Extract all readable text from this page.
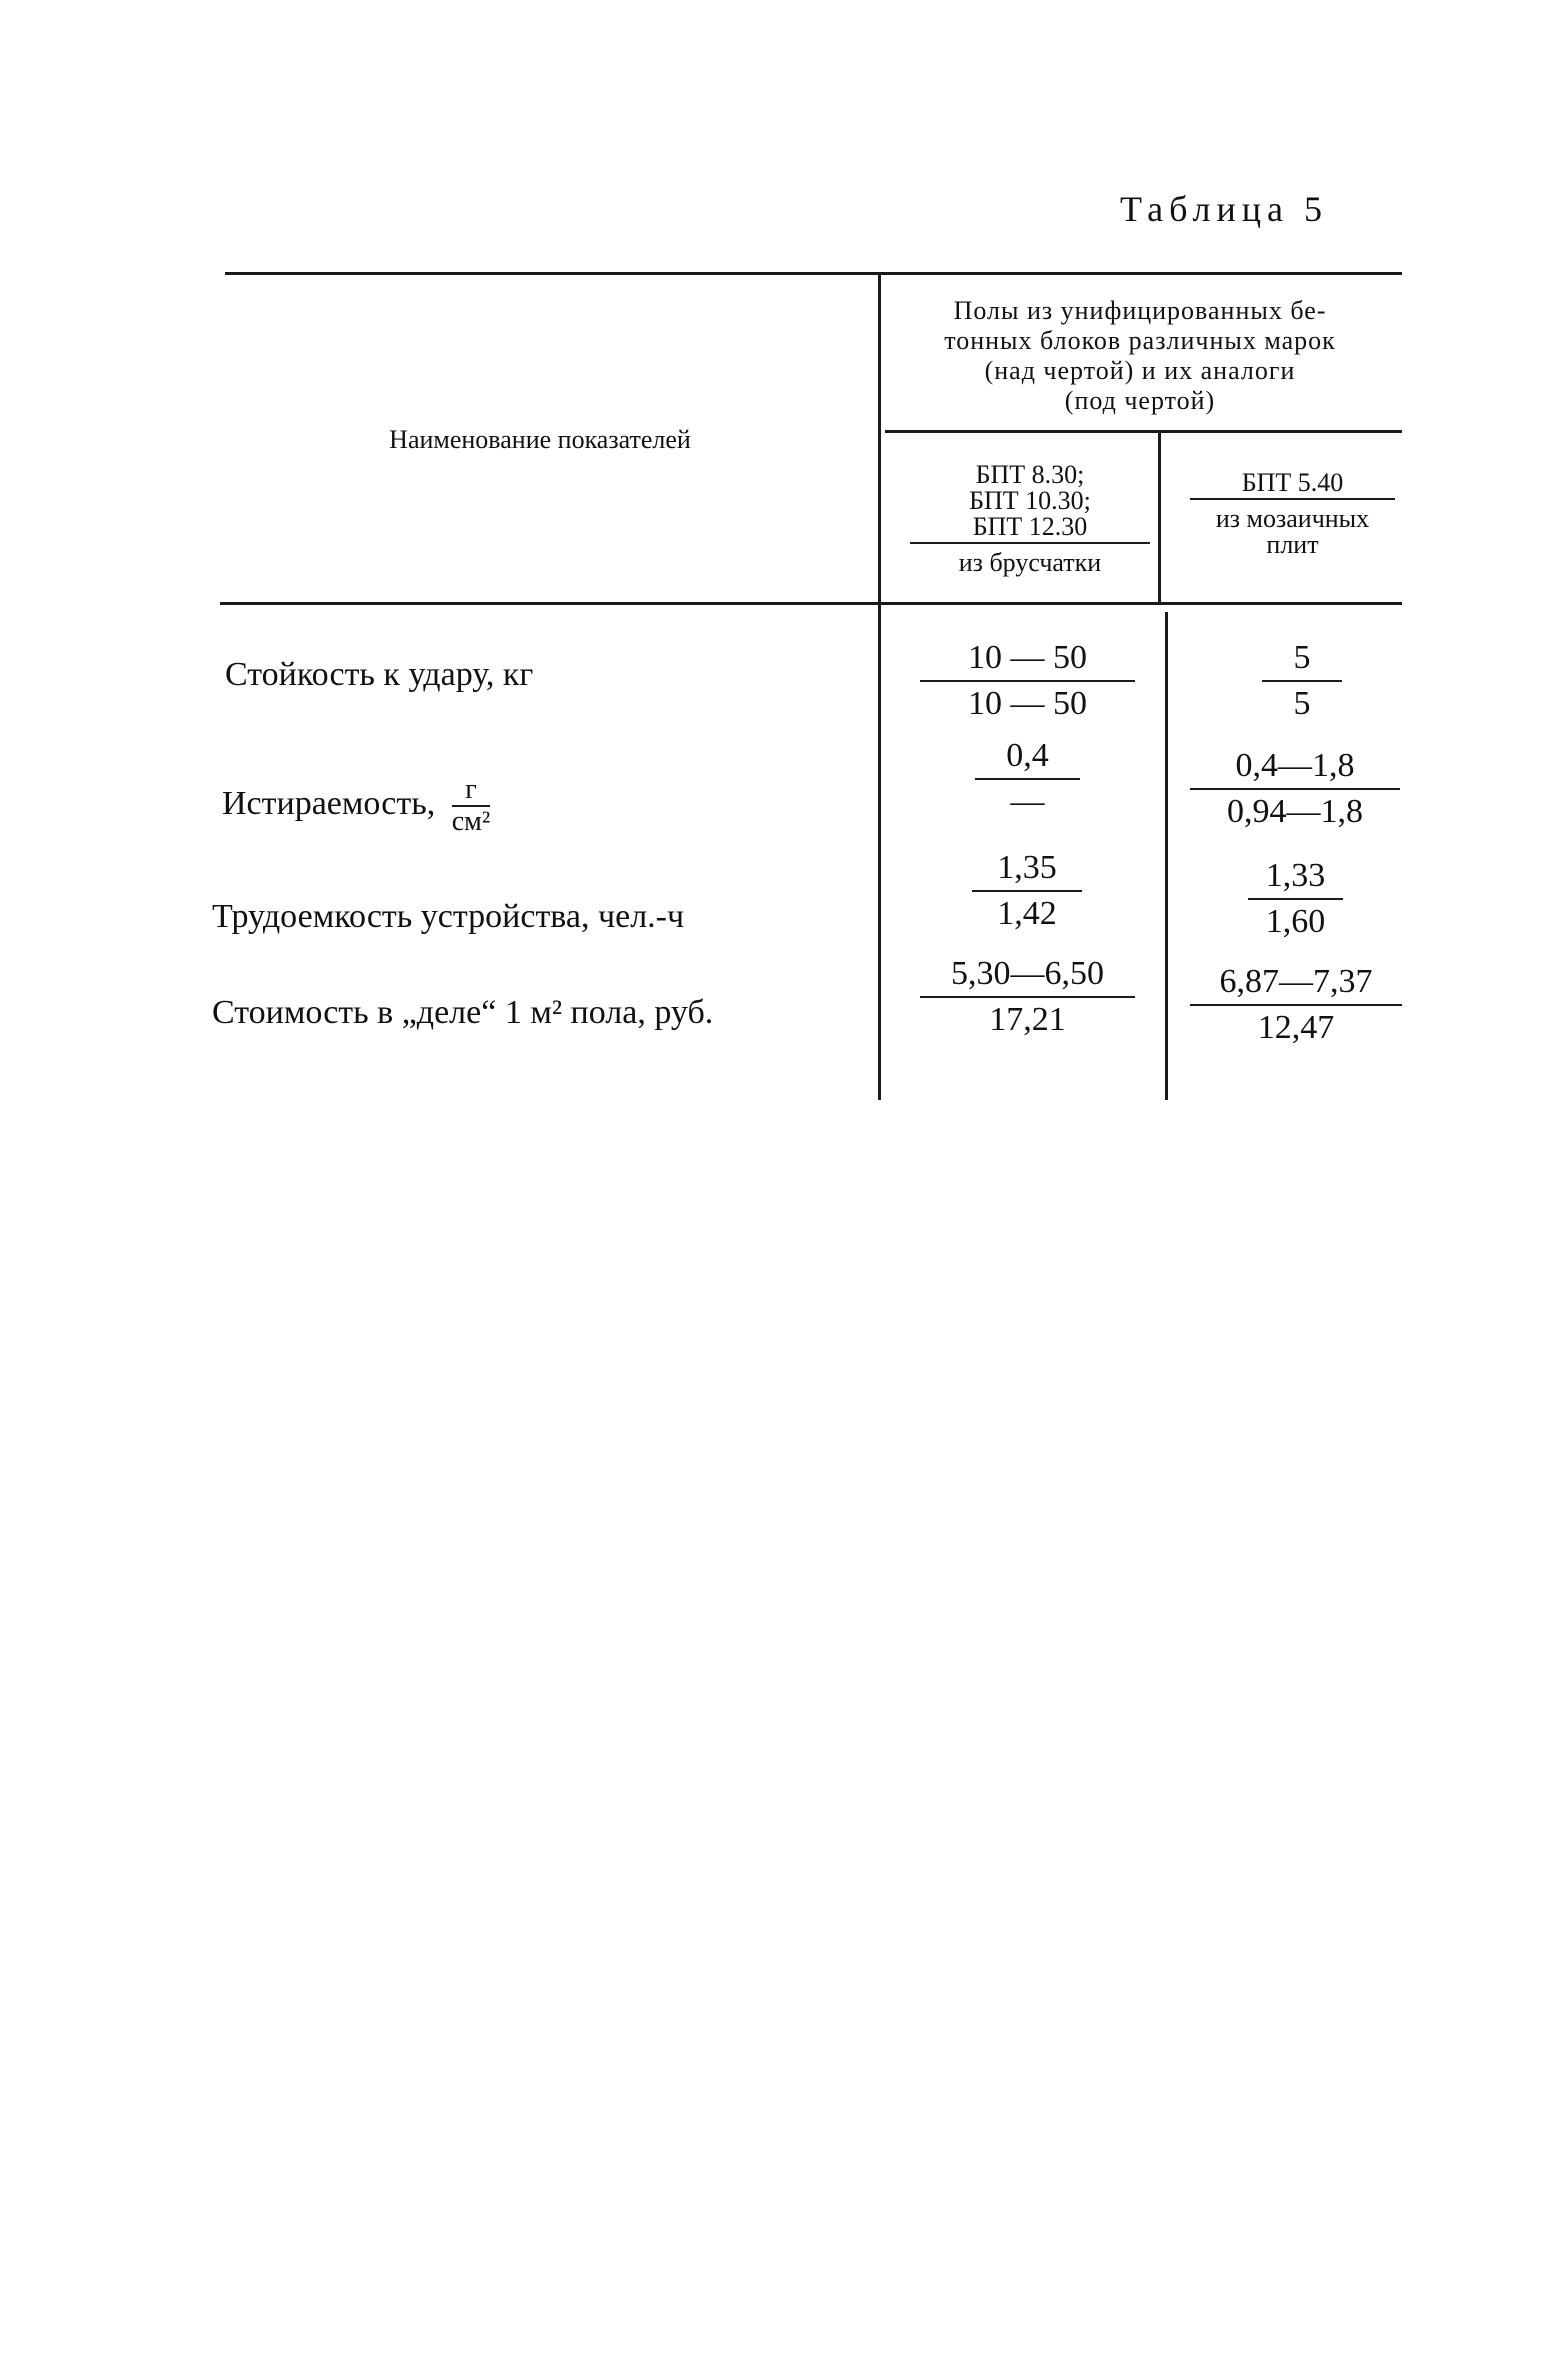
Таблица 5
Наименование показателей
Полы из унифицированных бе-
тонных блоков различных марок
(над чертой) и их аналоги
(под чертой)
БПТ 8.30;
БПТ 10.30;
БПТ 12.30
из брусчатки
БПТ 5.40
из мозаичных
плит
Стойкость к удару, кг	10 — 50
10 — 50
5
5
Истираемость, $\frac{г}{\text{см²}}$
0,4
—
0,4—1,8
0,94—1,8
Трудоемкость устройства, чел.-ч
1,35
1,42
1,33
1,60
Стоимость в „деле“ 1 м² пола, руб.
5,30—6,50
17,21
6,87—7,37
12,47
